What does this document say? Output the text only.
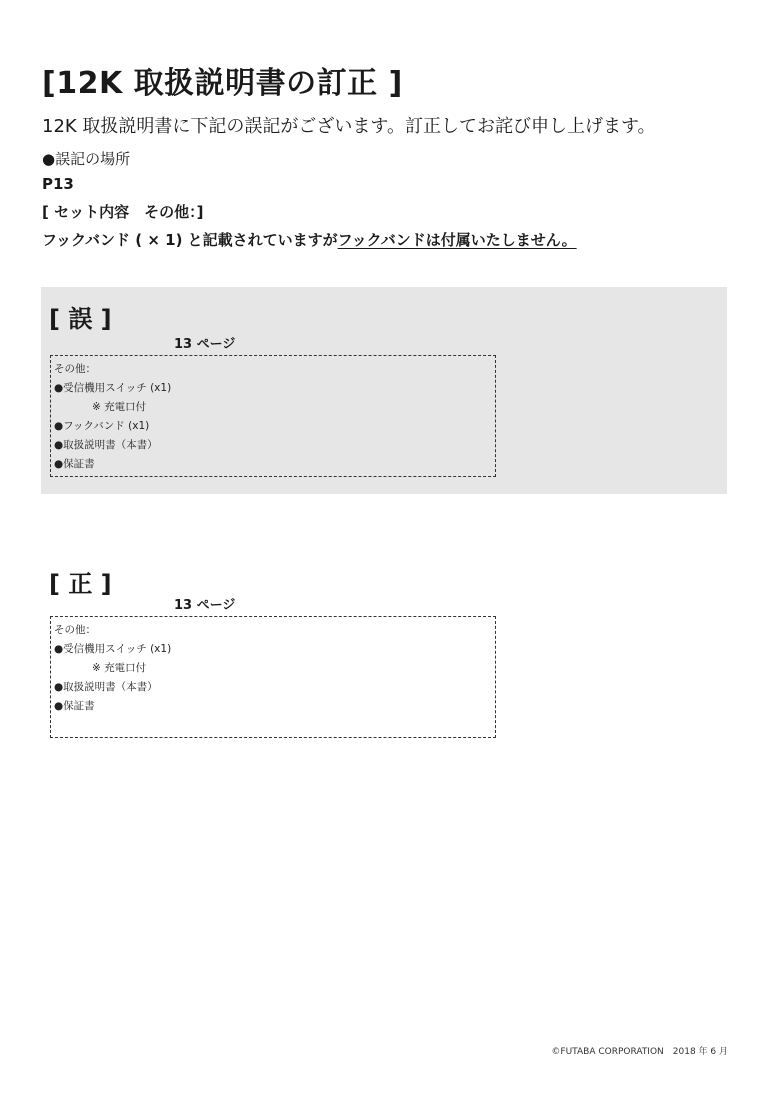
[12K 取扱説明書の訂正 ]
12K 取扱説明書に下記の誤記がございます。訂正してお詫び申し上げます。
●誤記の場所
P13
[ セット内容　その他：]
フックバンド ( × 1) と記載されていますがフックバンドは付属いたしません。
[ 誤 ]
13 ページ
その他：
●受信機用スイッチ (x1)
※ 充電口付
●フックバンド (x1)
●取扱説明書（本書）
●保証書
[ 正 ]
13 ページ
その他：
●受信機用スイッチ (x1)
※ 充電口付
●取扱説明書（本書）
●保証書
©FUTABA CORPORATION　2018 年 6 月
